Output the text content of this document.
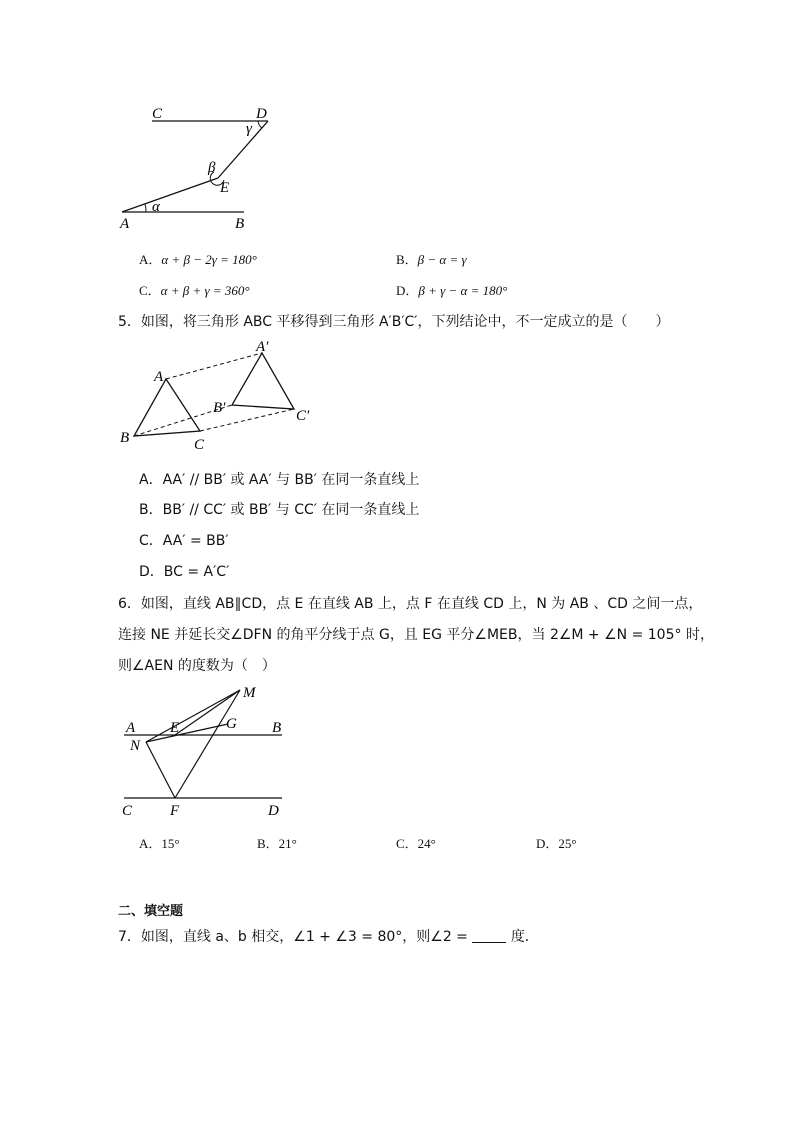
C	D
γ
β
E
α
A	B
A．α + β − 2γ = 180°	B．β − α = γ
C．α + β + γ = 360°	D．β + γ − α = 180°
5．如图，将三角形 ABC 平移得到三角形 A′B′C′，下列结论中，不一定成立的是（　　）
A′
A
B′	C′
B	C
A．AA′ // BB′ 或 AA′ 与 BB′ 在同一条直线上
B．BB′ // CC′ 或 BB′ 与 CC′ 在同一条直线上
C．AA′ = BB′
D．BC = A′C′
6．如图，直线 AB∥CD，点 E 在直线 AB 上，点 F 在直线 CD 上，N 为 AB 、CD 之间一点，
连接 NE 并延长交∠DFN 的角平分线于点 G，且 EG 平分∠MEB，当 2∠M + ∠N = 105° 时，
则∠AEN 的度数为（　）
M
A E	G B
N
C	F	D
A．15°	B．21°	C．24°	D．25°
二、填空题
7．如图，直线 a、b 相交，∠1 + ∠3 = 80°，则∠2 =	度．
